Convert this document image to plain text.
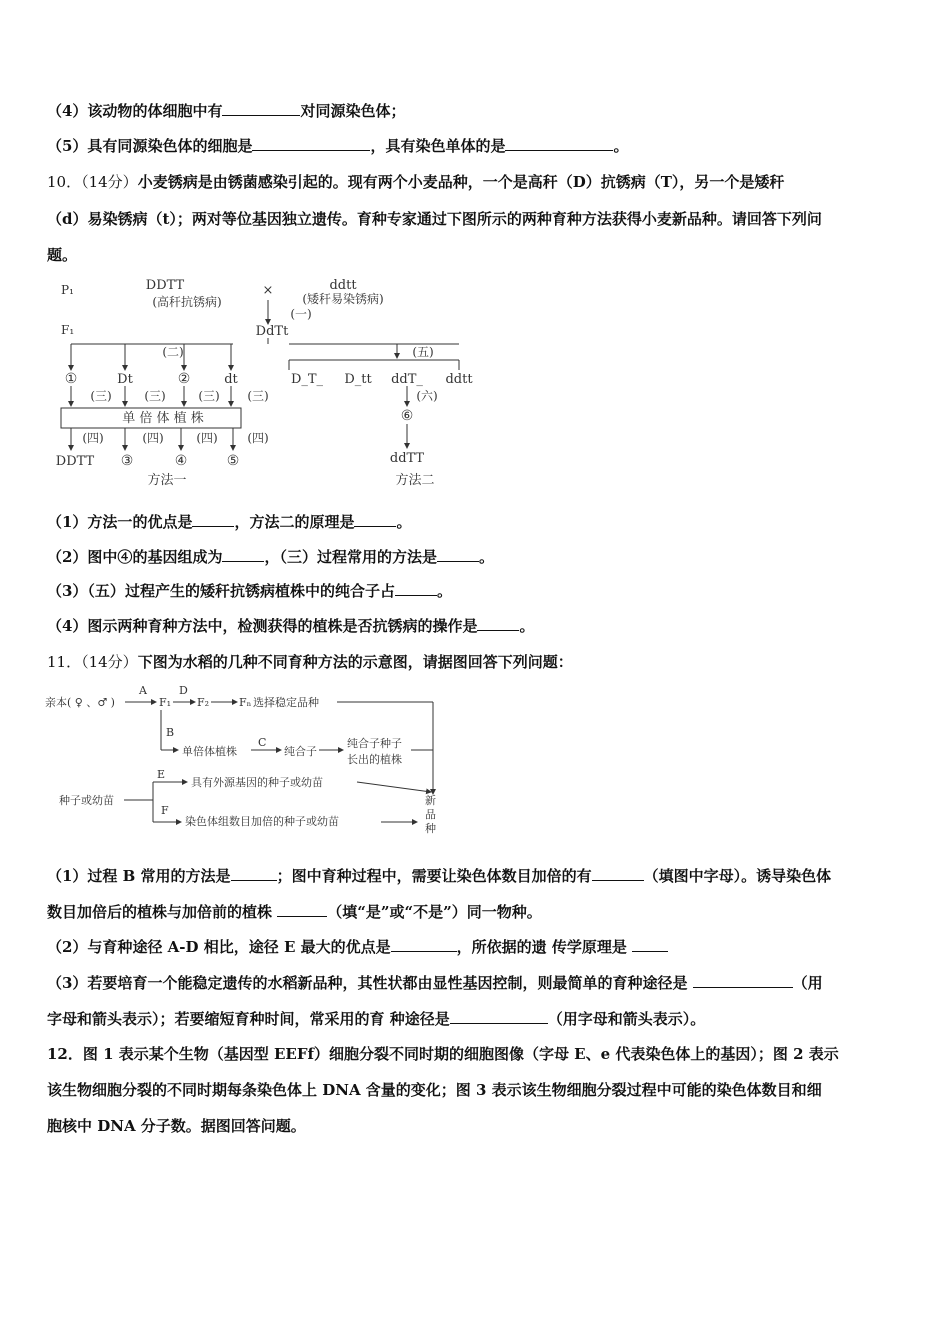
（4）该动物的体细胞中有	对同源染色体；
（5）具有同源染色体的细胞是	，具有染色单体的是	。
10．（14分）小麦锈病是由锈菌感染引起的。现有两个小麦品种，一个是高秆（D）抗锈病（T），另一个是矮秆
（d）易染锈病（t）；两对等位基因独立遗传。育种专家通过下图所示的两种育种方法获得小麦新品种。请回答下列问
题。
P₁
F₁
DDTT
(高秆抗锈病)
×	ddtt
(矮秆易染锈病)
(一)
DdTt
(二)	(五)
①	Dt	②	dt
(三)	(三)	(三) (三)
单 倍 体 植 株
(四)	(四)	(四) (四)
DDTT ③	④	⑤
方法一
D_T_ D_tt ddT_ ddtt
(六)
⑥
ddTT
方法二
（1）方法一的优点是	，方法二的原理是	。
（2）图中④的基因组成为	，（三）过程常用的方法是	。
（3）（五）过程产生的矮秆抗锈病植株中的纯合子占	。
（4）图示两种育种方法中，检测获得的植株是否抗锈病的操作是	。
11．（14分）下图为水稻的几种不同育种方法的示意图，请据图回答下列问题：
亲本( ♀ 、♂ )
A
F₁
D
F₂	Fₙ 选择稳定品种
B
单倍体植株
C
纯合子
纯合子种子
长出的植株
E
具有外源基因的种子或幼苗
种子或幼苗
F
染色体组数目加倍的种子或幼苗
新
品
种
（1）过程 B 常用的方法是	；图中育种过程中，需要让染色体数目加倍的有	（填图中字母）。诱导染色体
数目加倍后的植株与加倍前的植株	（填“是”或“不是”）同一物种。
（2）与育种途径 A-D 相比，途径 E 最大的优点是	，所依据的遗 传学原理是
（3）若要培育一个能稳定遗传的水稻新品种，其性状都由显性基因控制，则最简单的育种途径是	（用
字母和箭头表示）；若要缩短育种时间，常采用的育 种途径是	（用字母和箭头表示）。
12．图 1 表示某个生物（基因型 EEFf）细胞分裂不同时期的细胞图像（字母 E、e 代表染色体上的基因）；图 2 表示
该生物细胞分裂的不同时期每条染色体上 DNA 含量的变化；图 3 表示该生物细胞分裂过程中可能的染色体数目和细
胞核中 DNA 分子数。据图回答问题。
